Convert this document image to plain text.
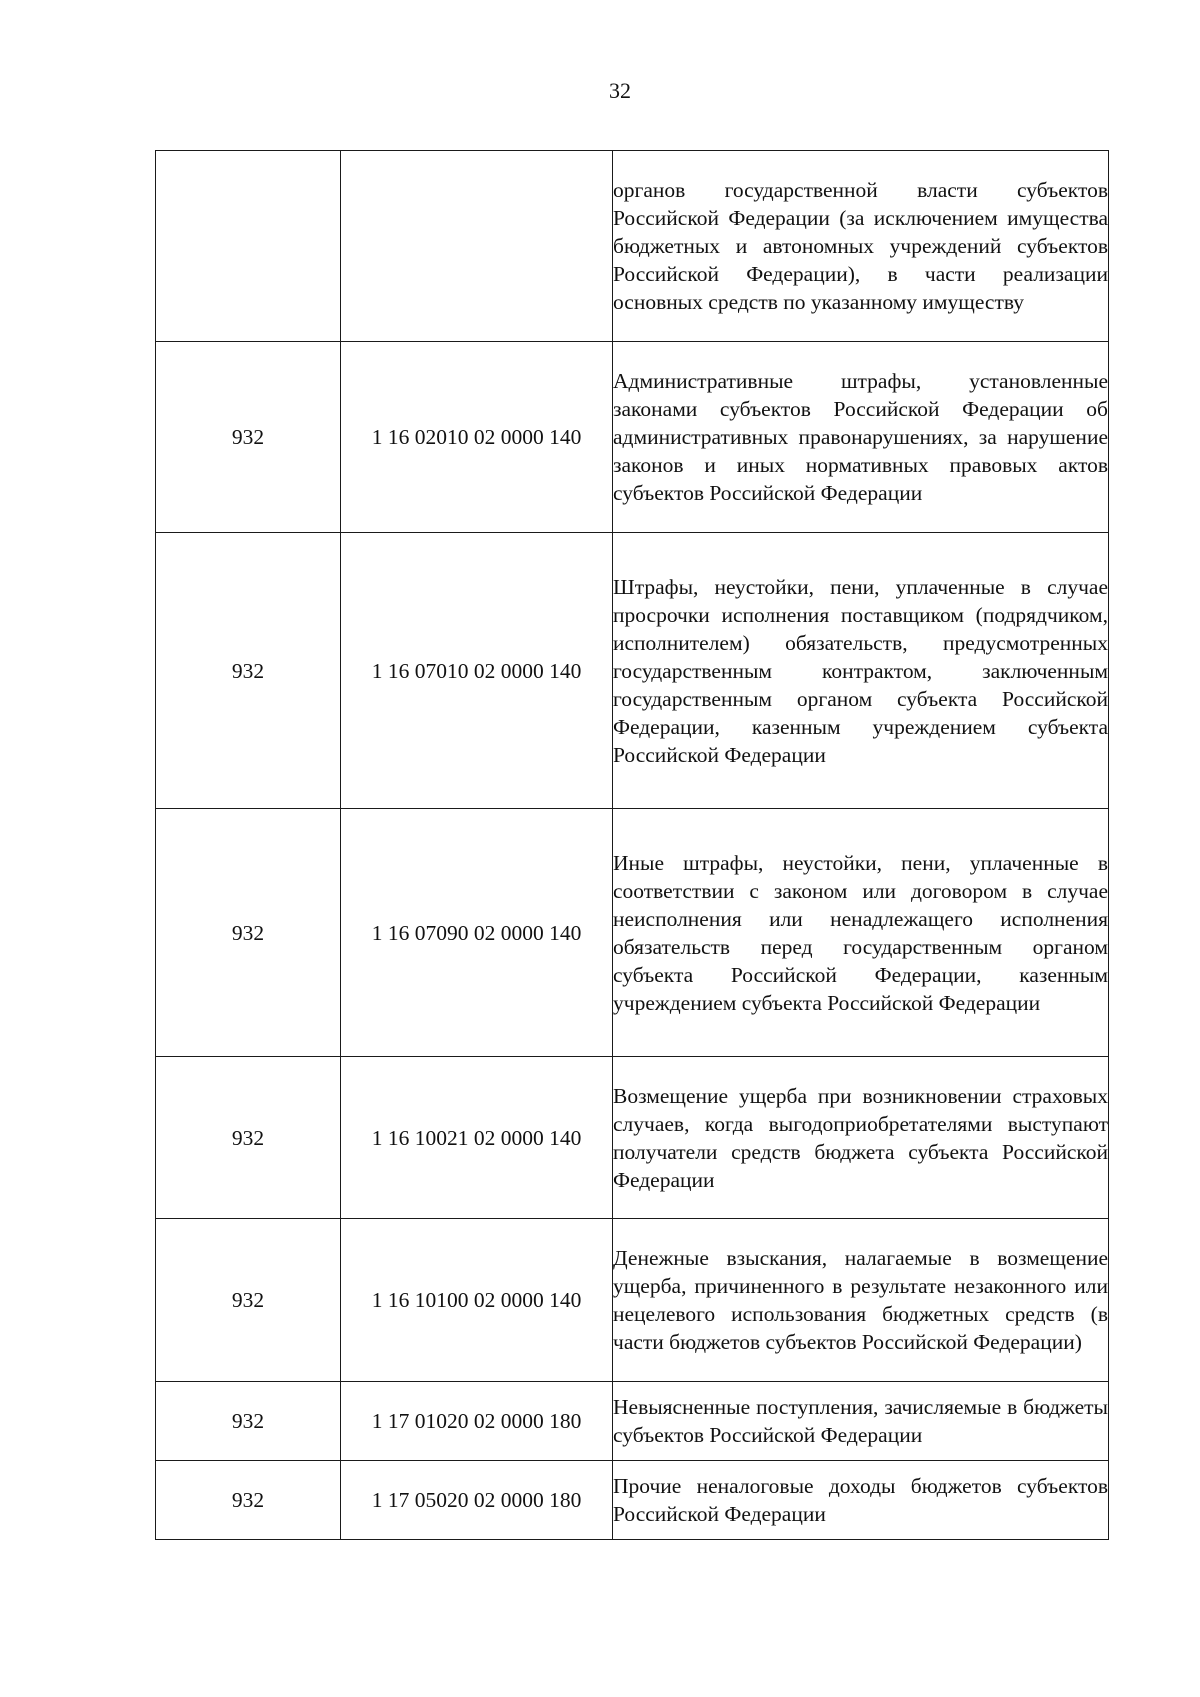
32
		органов государственной власти субъектов Российской Федерации (за исключением имущества бюджетных и автономных учреждений субъектов Российской Федерации), в части реализации основных средств по указанному имуществу
932	1 16 02010 02 0000 140	Административные штрафы, установленные законами субъектов Российской Федерации об административных правонарушениях, за нарушение законов и иных нормативных правовых актов субъектов Российской Федерации
932	1 16 07010 02 0000 140	Штрафы, неустойки, пени, уплаченные в случае просрочки исполнения поставщиком (подрядчиком, исполнителем) обязательств, предусмотренных государственным контрактом, заключенным государственным органом субъекта Российской Федерации, казенным учреждением субъекта Российской Федерации
932	1 16 07090 02 0000 140	Иные штрафы, неустойки, пени, уплаченные в соответствии с законом или договором в случае неисполнения или ненадлежащего исполнения обязательств перед государственным органом субъекта Российской Федерации, казенным учреждением субъекта Российской Федерации
932	1 16 10021 02 0000 140	Возмещение ущерба при возникновении страховых случаев, когда выгодоприобретателями выступают получатели средств бюджета субъекта Российской Федерации
932	1 16 10100 02 0000 140	Денежные взыскания, налагаемые в возмещение ущерба, причиненного в результате незаконного или нецелевого использования бюджетных средств (в части бюджетов субъектов Российской Федерации)
932	1 17 01020 02 0000 180	Невыясненные поступления, зачисляемые в бюджеты субъектов Российской Федерации
932	1 17 05020 02 0000 180	Прочие неналоговые доходы бюджетов субъектов Российской Федерации
